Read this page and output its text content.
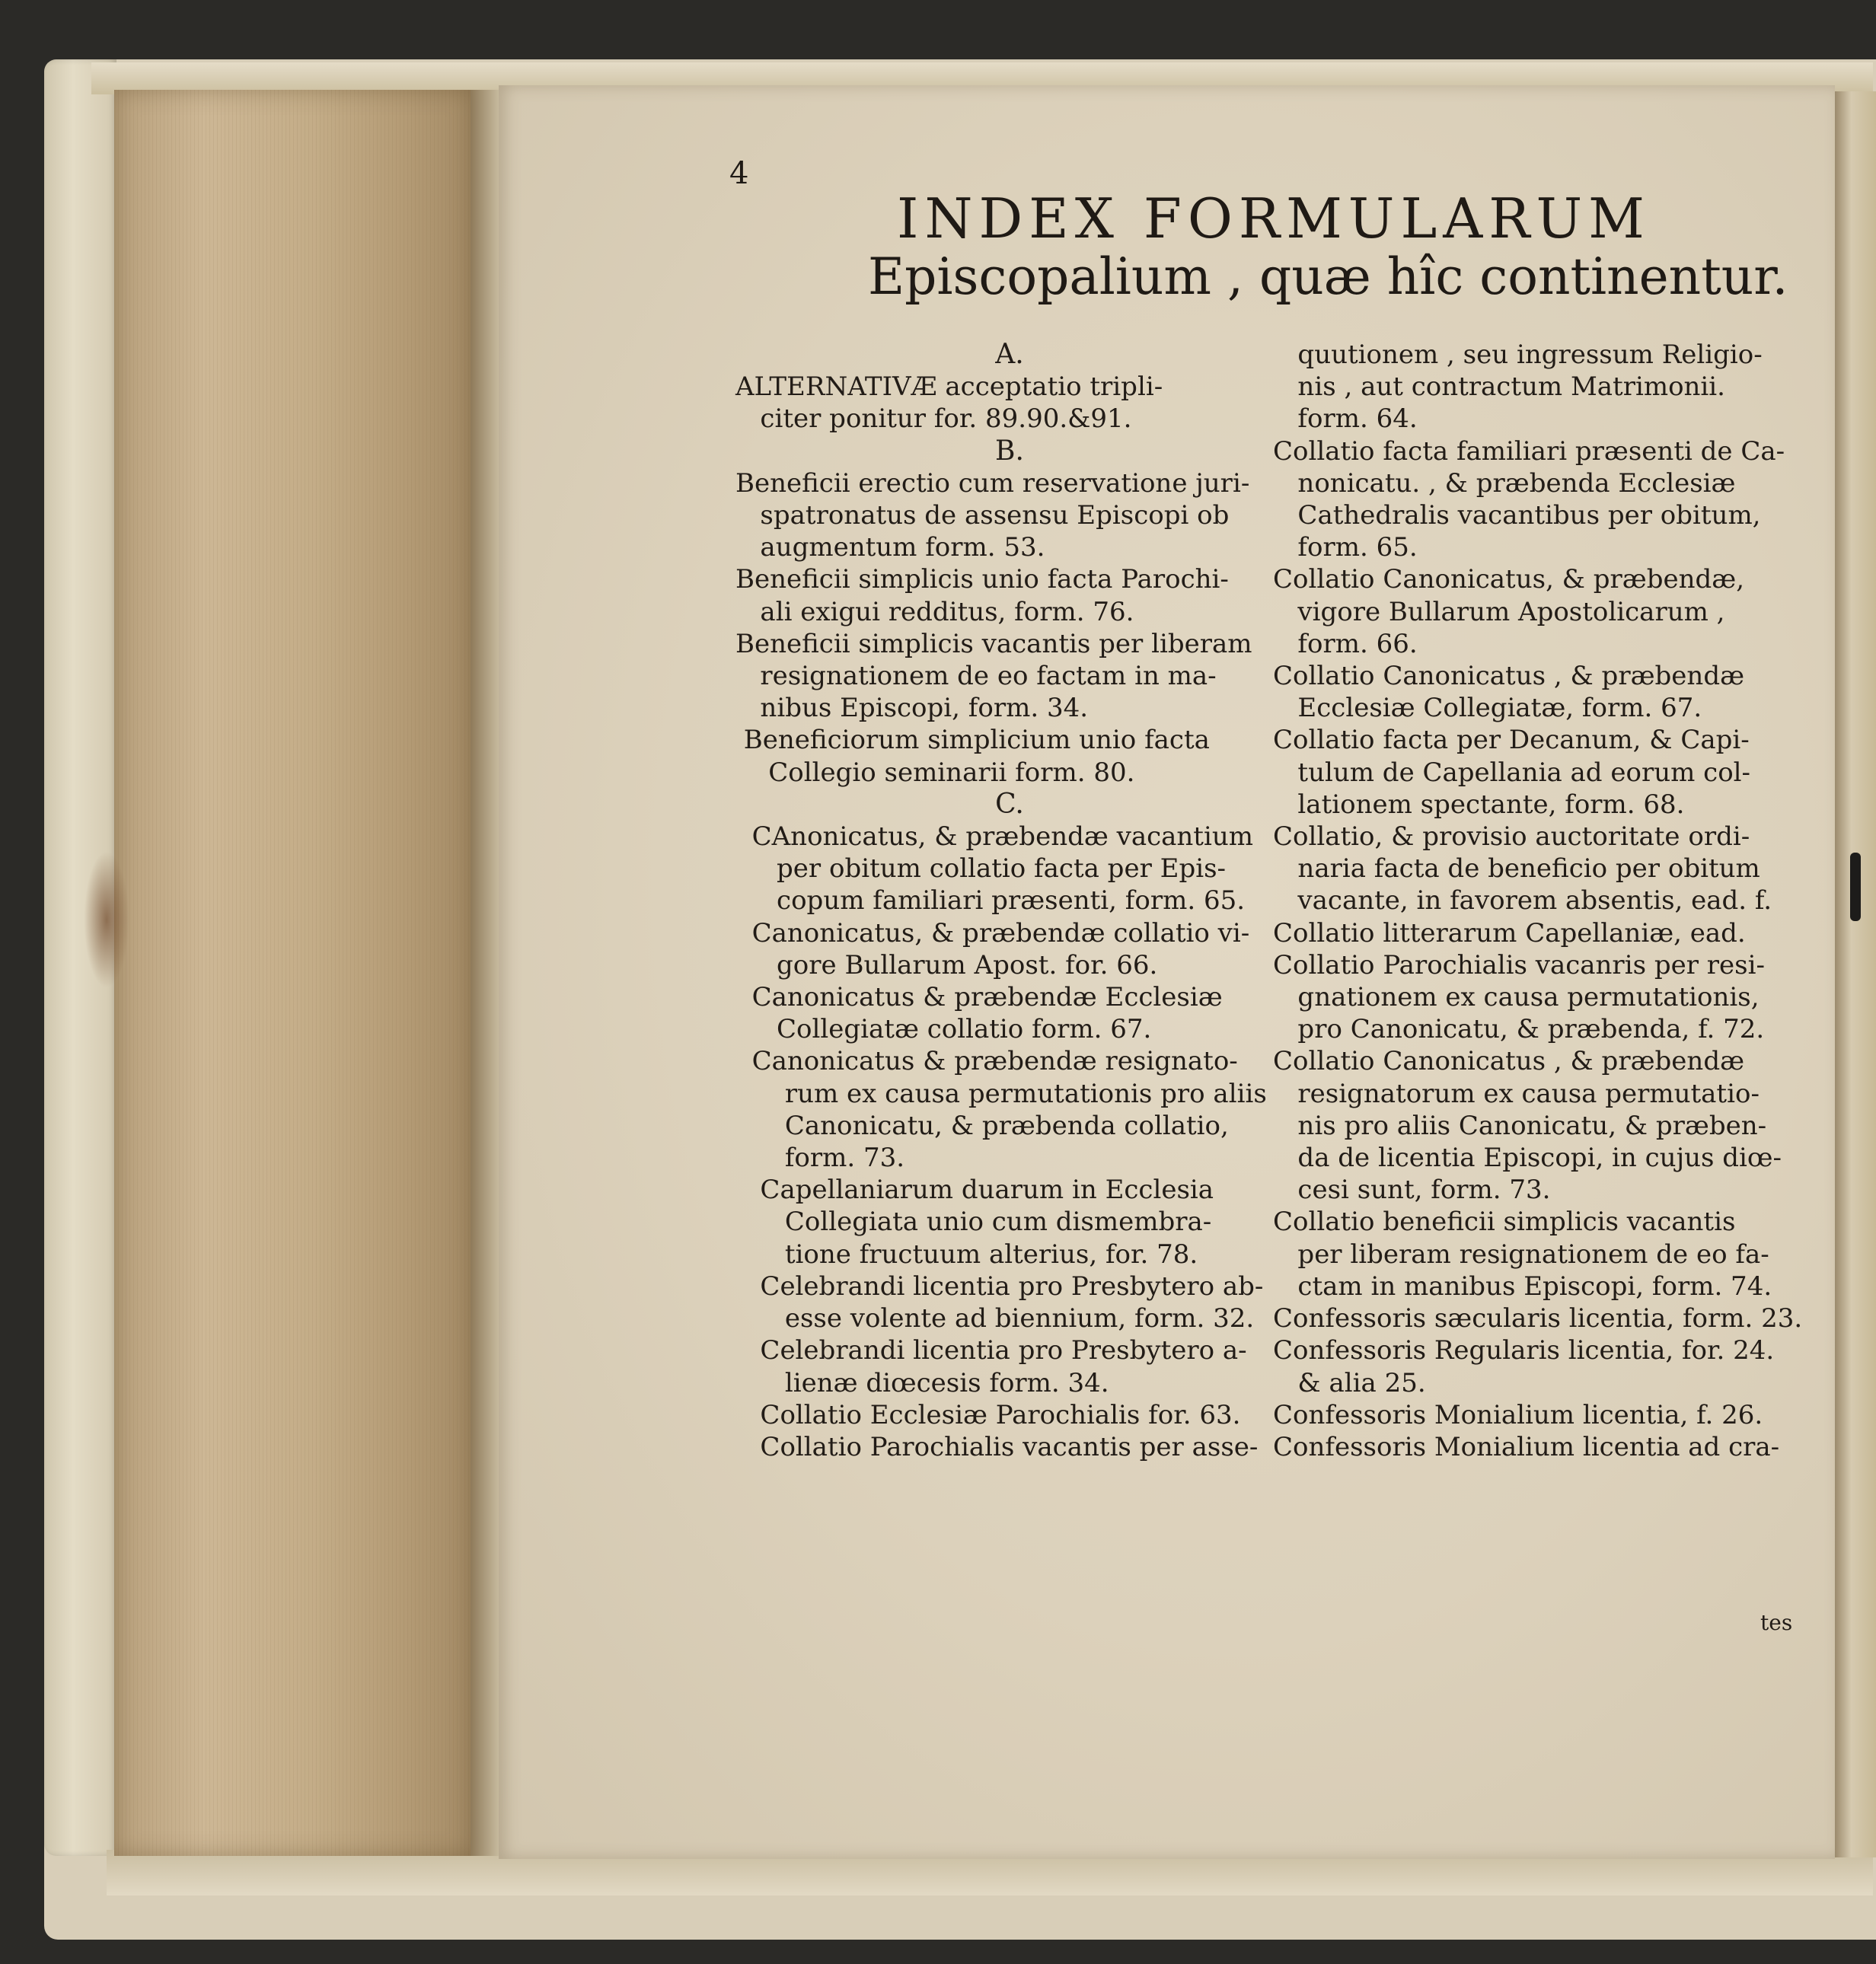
4
INDEX FORMULARUM
Episcopalium , quæ hîc continentur.
A.
ALTERNATIVÆ acceptatio tripli-
citer ponitur for. 89.90.&91.
B.
Beneficii erectio cum reservatione juri-
spatronatus de assensu Episcopi ob
augmentum form. 53.
Beneficii simplicis unio facta Parochi-
ali exigui redditus, form. 76.
Beneficii simplicis vacantis per liberam
resignationem de eo factam in ma-
nibus Episcopi, form. 34.
Beneficiorum simplicium unio facta
Collegio seminarii form. 80.
C.
CAnonicatus, & præbendæ vacantium
per obitum collatio facta per Epis-
copum familiari præsenti, form. 65.
Canonicatus, & præbendæ collatio vi-
gore Bullarum Apost. for. 66.
Canonicatus & præbendæ Ecclesiæ
Collegiatæ collatio form. 67.
Canonicatus & præbendæ resignato-
rum ex causa permutationis pro aliis
Canonicatu, & præbenda collatio,
form. 73.
Capellaniarum duarum in Ecclesia
Collegiata unio cum dismembra-
tione fructuum alterius, for. 78.
Celebrandi licentia pro Presbytero ab-
esse volente ad biennium, form. 32.
Celebrandi licentia pro Presbytero a-
lienæ diœcesis form. 34.
Collatio Ecclesiæ Parochialis for. 63.
Collatio Parochialis vacantis per asse-
quutionem , seu ingressum Religio-
nis , aut contractum Matrimonii.
form. 64.
Collatio facta familiari præsenti de Ca-
nonicatu. , & præbenda Ecclesiæ
Cathedralis vacantibus per obitum,
form. 65.
Collatio Canonicatus, & præbendæ,
vigore Bullarum Apostolicarum ,
form. 66.
Collatio Canonicatus , & præbendæ
Ecclesiæ Collegiatæ, form. 67.
Collatio facta per Decanum, & Capi-
tulum de Capellania ad eorum col-
lationem spectante, form. 68.
Collatio, & provisio auctoritate ordi-
naria facta de beneficio per obitum
vacante, in favorem absentis, ead. f.
Collatio litterarum Capellaniæ, ead.
Collatio Parochialis vacanris per resi-
gnationem ex causa permutationis,
pro Canonicatu, & præbenda, f. 72.
Collatio Canonicatus , & præbendæ
resignatorum ex causa permutatio-
nis pro aliis Canonicatu, & præben-
da de licentia Episcopi, in cujus diœ-
cesi sunt, form. 73.
Collatio beneficii simplicis vacantis
per liberam resignationem de eo fa-
ctam in manibus Episcopi, form. 74.
Confessoris sæcularis licentia, form. 23.
Confessoris Regularis licentia, for. 24.
& alia 25.
Confessoris Monialium licentia, f. 26.
Confessoris Monialium licentia ad cra-
tes
